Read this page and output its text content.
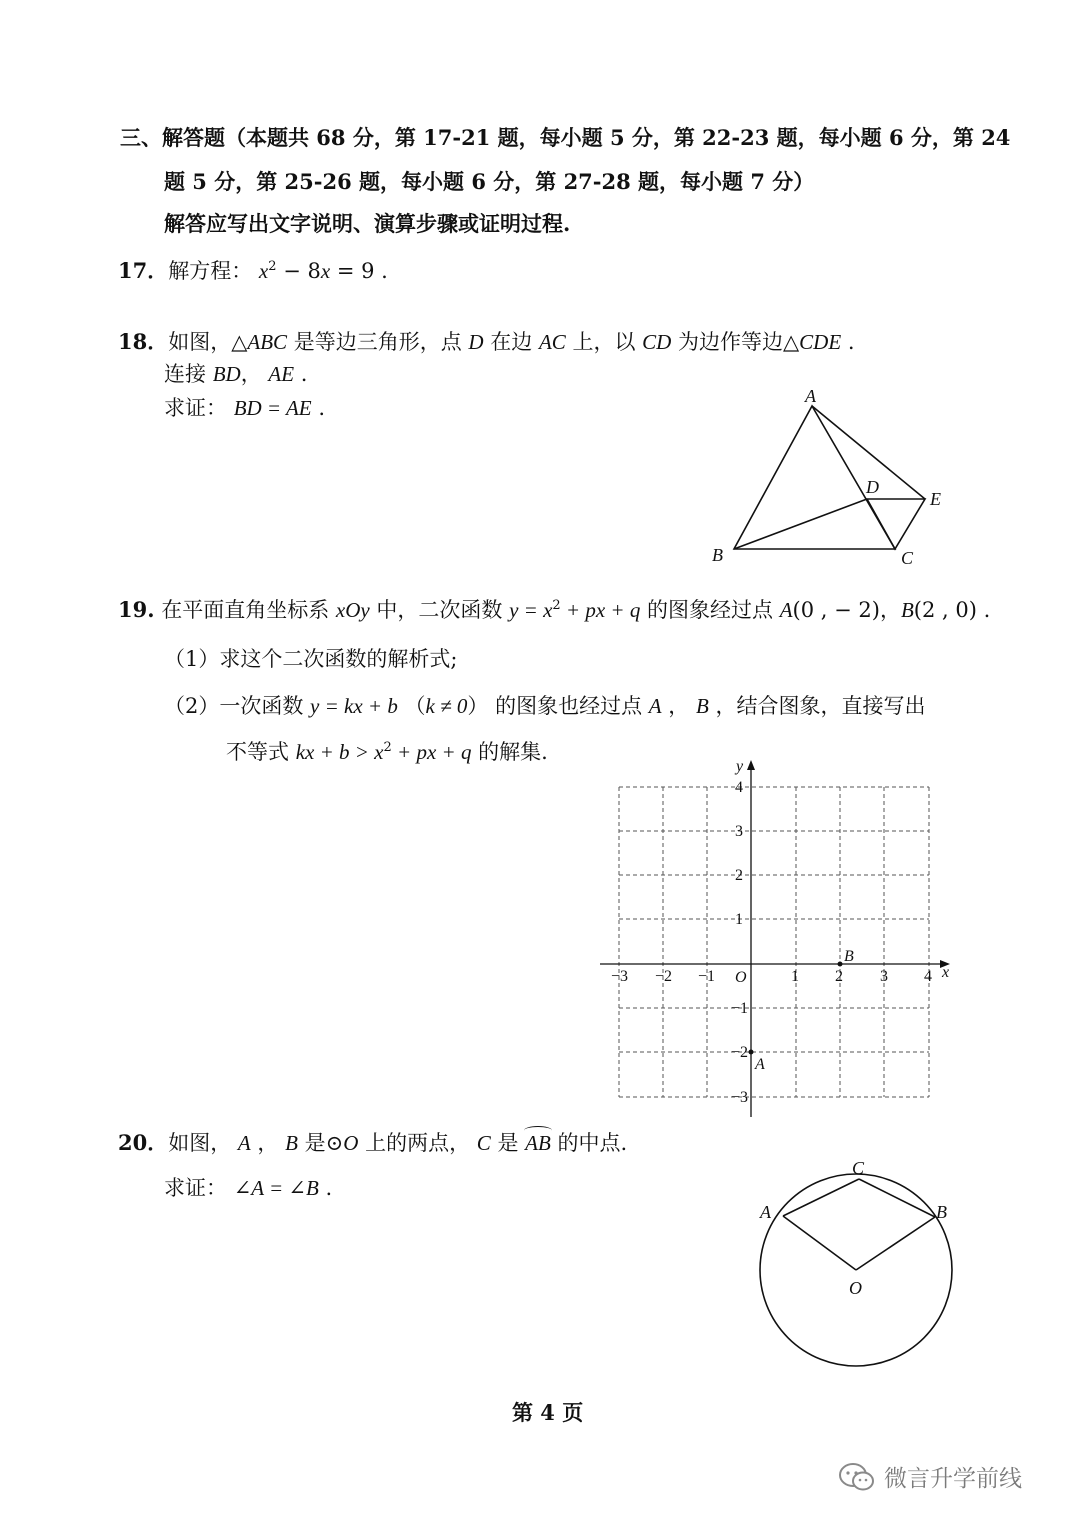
三、解答题（本题共 68 分，第 17-21 题，每小题 5 分，第 22-23 题，每小题 6 分，第 24
题 5 分，第 25-26 题，每小题 6 分，第 27-28 题，每小题 7 分）
解答应写出文字说明、演算步骤或证明过程.
17．解方程： $x^2 - 8x = 9$ .
18．如图，△ABC 是等边三角形，点 D 在边 AC 上，以 CD 为边作等边△CDE .
连接 BD， AE .
求证： BD = AE .	A
B	C
D
E
19. 在平面直角坐标系 xOy 中，二次函数 $y = x^2$ + px + q 的图象经过点 A(0 , − 2)，B(2 , 0) .
（1）求这个二次函数的解析式;
（2）一次函数 y = kx + b （k ≠ 0） 的图象也经过点 A ， B ，结合图象，直接写出
不等式 kx + $b > x^2$ + px + q 的解集.
−3 −2 −1	1 2 3 4
4
3
2
1
−1
−2
−3
O	x
y
B
A
20．如图， A ， B 是⊙O 上的两点， C 是 AB 的中点.
求证： ∠A = ∠B .
C
A	B
O
第 4 页
微言升学前线
